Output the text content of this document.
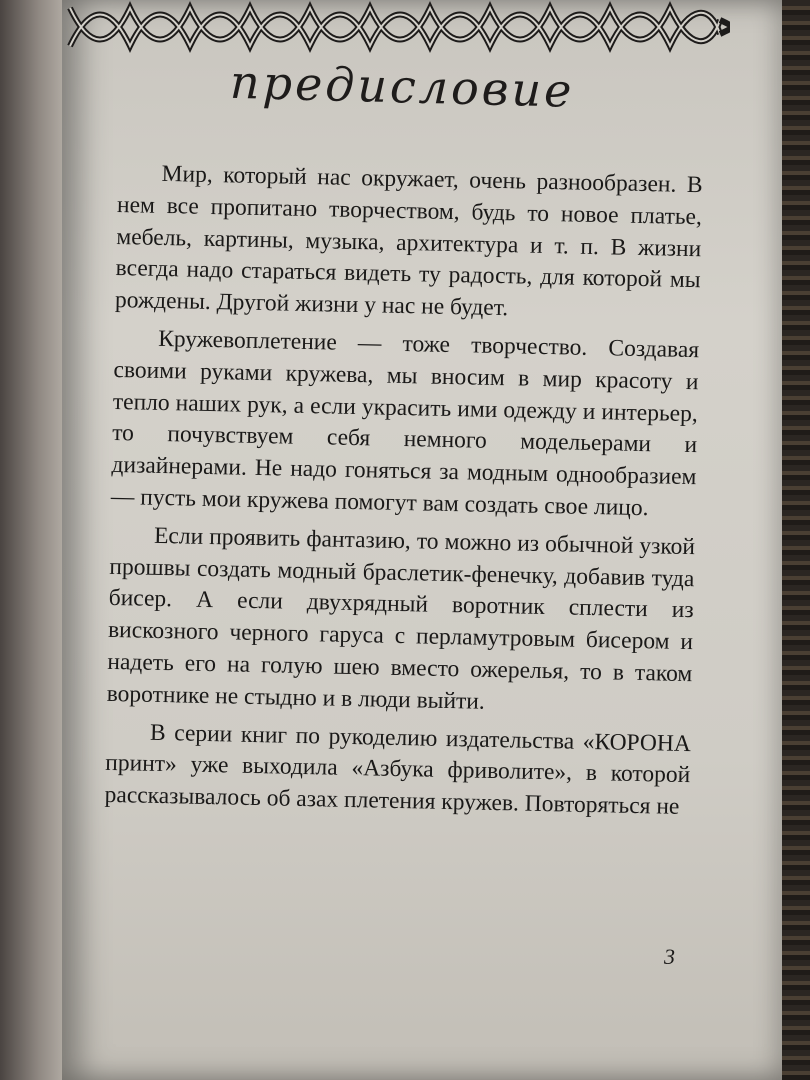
предисловие

Мир, который нас окружает, очень разнообразен. В нем все пропитано творчеством, будь то новое платье, мебель, картины, музыка, архитектура и т. п. В жизни всегда надо стараться видеть ту радость, для которой мы рождены. Другой жизни у нас не будет.

Кружевоплетение — тоже творчество. Создавая своими руками кружева, мы вносим в мир красоту и тепло наших рук, а если украсить ими одежду и интерьер, то почувствуем себя немного модельерами и дизайнерами. Не надо гоняться за модным однообразием — пусть мои кружева помогут вам создать свое лицо.

Если проявить фантазию, то можно из обычной узкой прошвы создать модный браслетик-фенечку, добавив туда бисер. А если двухрядный воротник сплести из вискозного черного гаруса с перламутровым бисером и надеть его на голую шею вместо ожерелья, то в таком воротнике не стыдно и в люди выйти.

В серии книг по рукоделию издательства «КОРОНА принт» уже выходила «Азбука фриволите», в которой рассказывалось об азах плетения кружев. Повторяться не

3
